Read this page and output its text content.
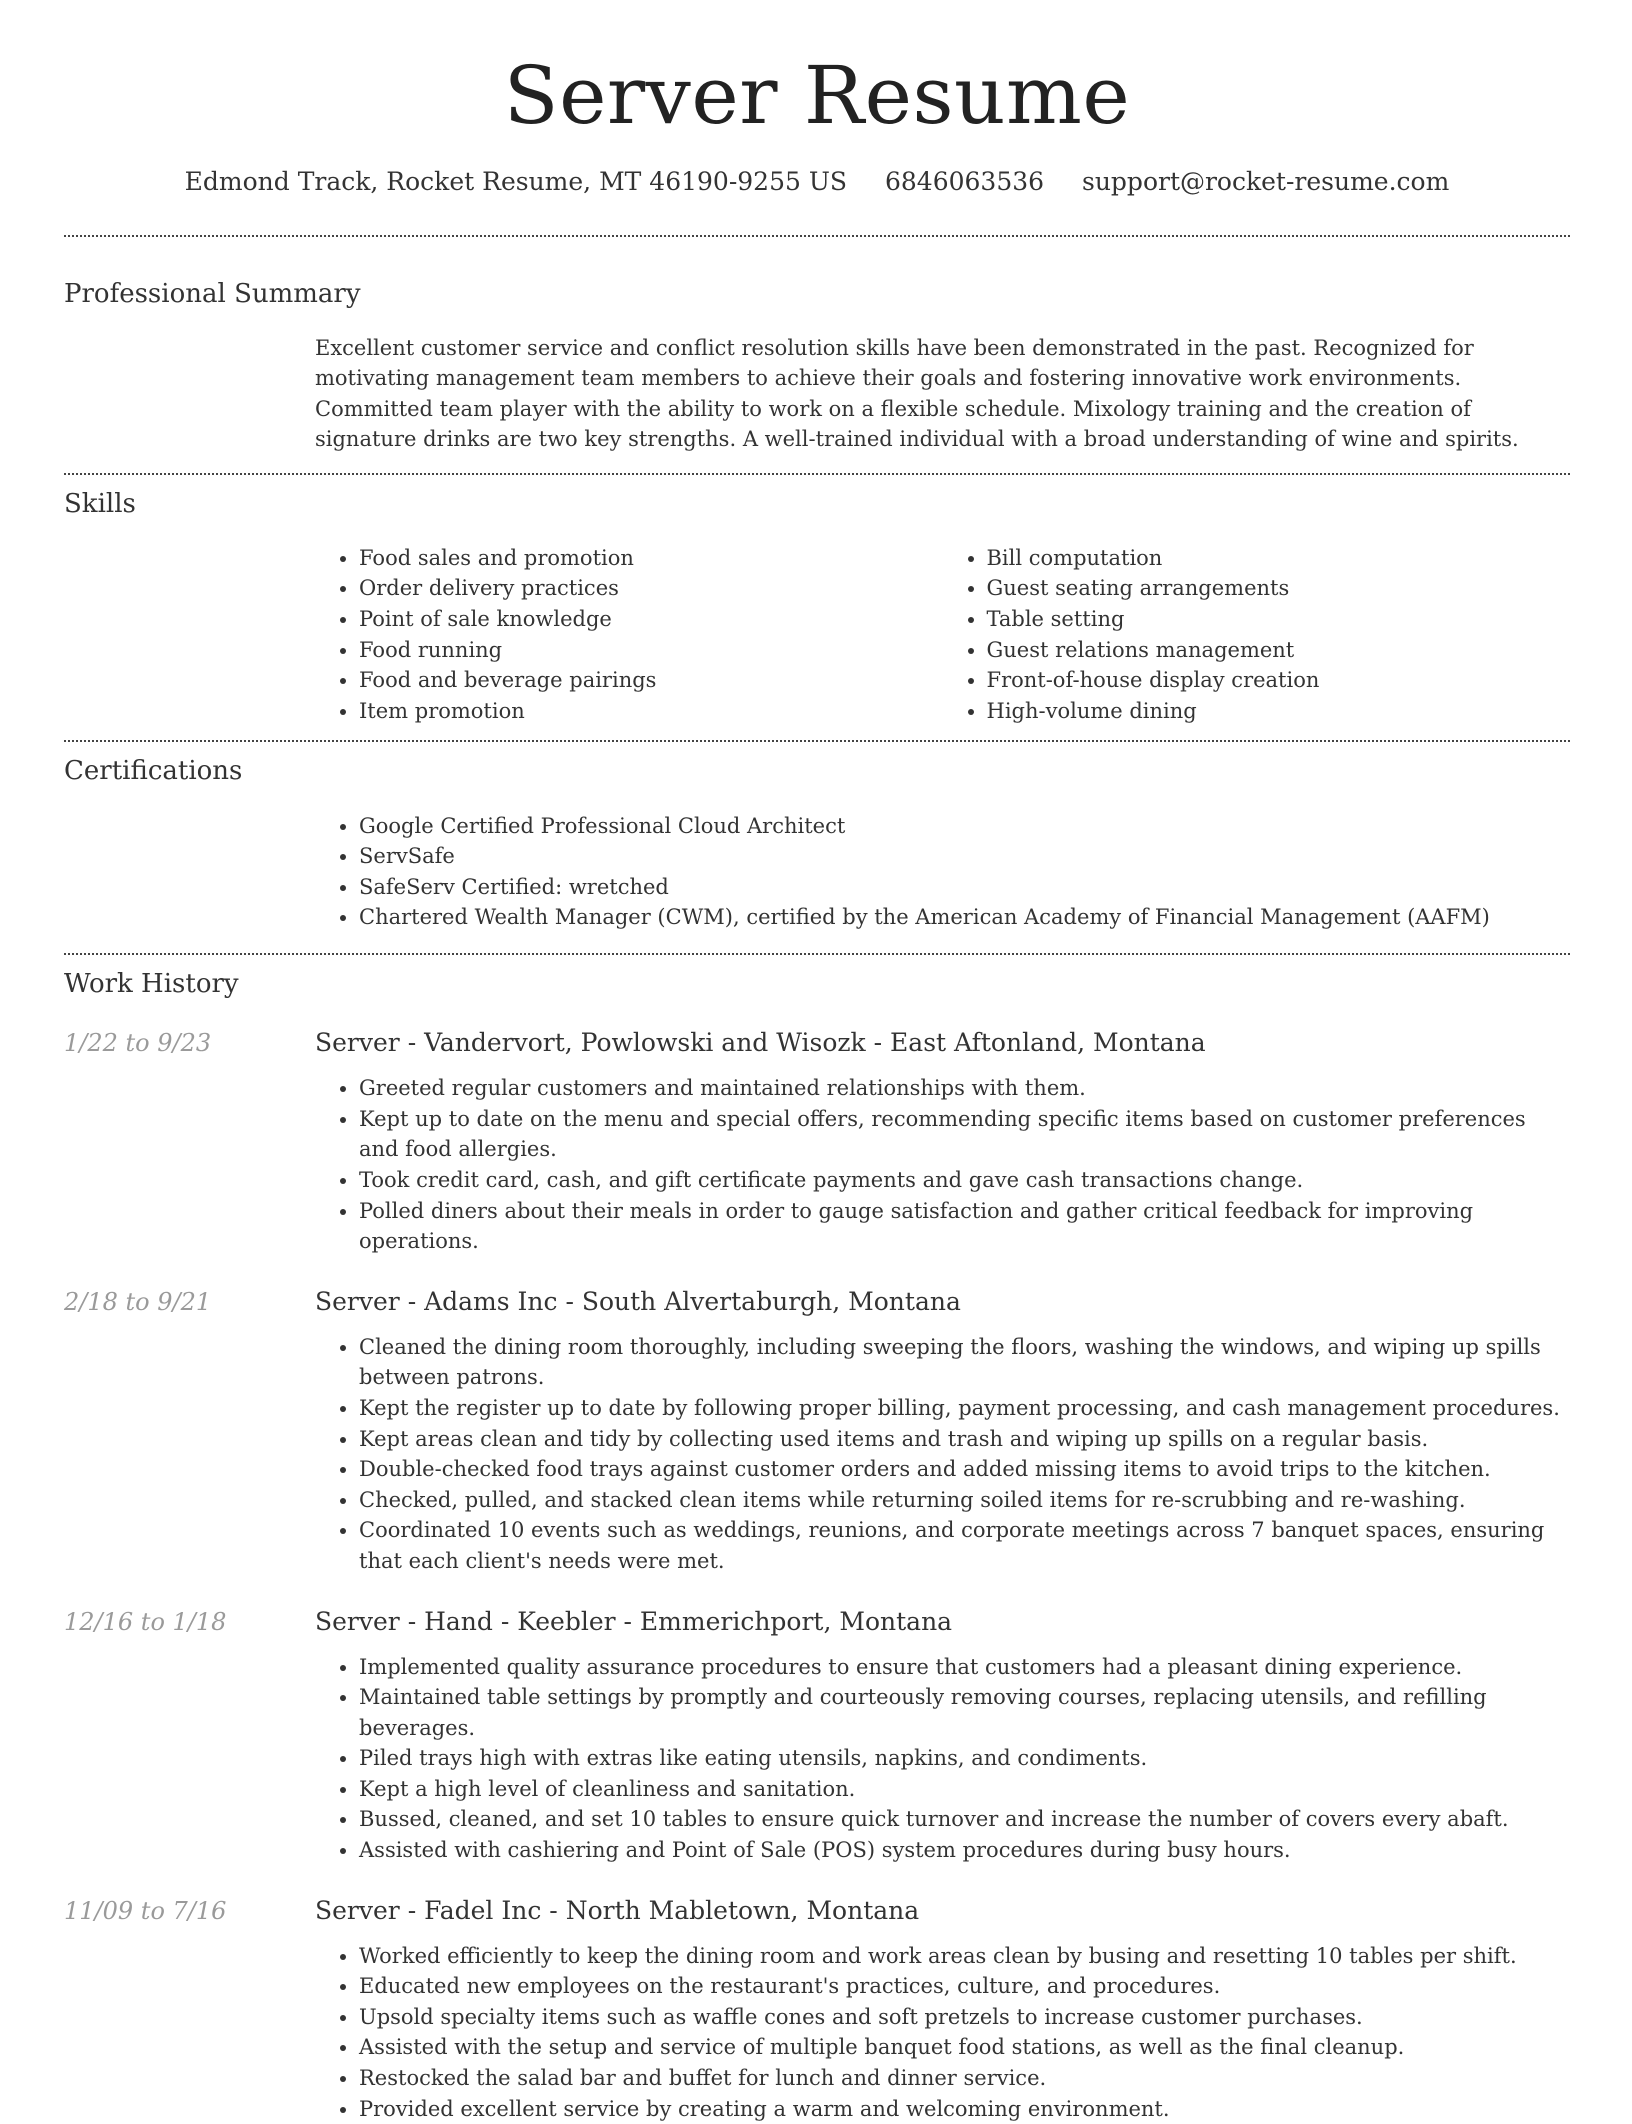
Server Resume
Edmond Track, Rocket Resume, MT 46190-9255 US 6846063536 support@rocket-resume.com
Professional Summary
Excellent customer service and conflict resolution skills have been demonstrated in the past. Recognized for motivating management team members to achieve their goals and fostering innovative work environments. Committed team player with the ability to work on a flexible schedule. Mixology training and the creation of signature drinks are two key strengths. A well-trained individual with a broad understanding of wine and spirits.
Skills
• Food sales and promotion
• Order delivery practices
• Point of sale knowledge
• Food running
• Food and beverage pairings
• Item promotion
• Bill computation
• Guest seating arrangements
• Table setting
• Guest relations management
• Front-of-house display creation
• High-volume dining
Certifications
• Google Certified Professional Cloud Architect
• ServSafe
• SafeServ Certified: wretched
• Chartered Wealth Manager (CWM), certified by the American Academy of Financial Management (AAFM)
Work History
1/22 to 9/23	Server - Vandervort, Powlowski and Wisozk - East Aftonland, Montana
• Greeted regular customers and maintained relationships with them.
• Kept up to date on the menu and special offers, recommending specific items based on customer preferences and food allergies.
• Took credit card, cash, and gift certificate payments and gave cash transactions change.
• Polled diners about their meals in order to gauge satisfaction and gather critical feedback for improving operations.
2/18 to 9/21	Server - Adams Inc - South Alvertaburgh, Montana
• Cleaned the dining room thoroughly, including sweeping the floors, washing the windows, and wiping up spills between patrons.
• Kept the register up to date by following proper billing, payment processing, and cash management procedures.
• Kept areas clean and tidy by collecting used items and trash and wiping up spills on a regular basis.
• Double-checked food trays against customer orders and added missing items to avoid trips to the kitchen.
• Checked, pulled, and stacked clean items while returning soiled items for re-scrubbing and re-washing.
• Coordinated 10 events such as weddings, reunions, and corporate meetings across 7 banquet spaces, ensuring that each client's needs were met.
12/16 to 1/18	Server - Hand - Keebler - Emmerichport, Montana
• Implemented quality assurance procedures to ensure that customers had a pleasant dining experience.
• Maintained table settings by promptly and courteously removing courses, replacing utensils, and refilling beverages.
• Piled trays high with extras like eating utensils, napkins, and condiments.
• Kept a high level of cleanliness and sanitation.
• Bussed, cleaned, and set 10 tables to ensure quick turnover and increase the number of covers every abaft.
• Assisted with cashiering and Point of Sale (POS) system procedures during busy hours.
11/09 to 7/16	Server - Fadel Inc - North Mabletown, Montana
• Worked efficiently to keep the dining room and work areas clean by busing and resetting 10 tables per shift.
• Educated new employees on the restaurant's practices, culture, and procedures.
• Upsold specialty items such as waffle cones and soft pretzels to increase customer purchases.
• Assisted with the setup and service of multiple banquet food stations, as well as the final cleanup.
• Restocked the salad bar and buffet for lunch and dinner service.
• Provided excellent service by creating a warm and welcoming environment.
